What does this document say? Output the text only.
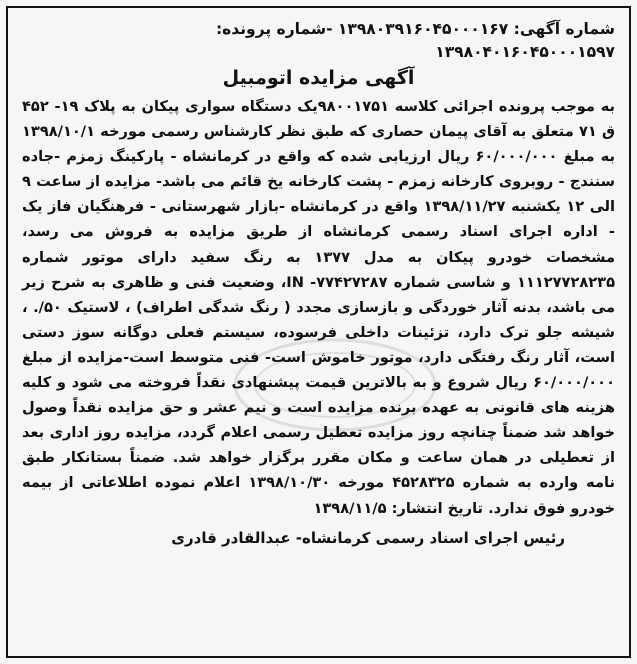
شماره آگهی: ۱۳۹۸۰۳۹۱۶۰۴۵۰۰۰۱۶۷ -شماره پرونده:
۱۳۹۸۰۴۰۱۶۰۴۵۰۰۰۱۵۹۷
آگهی مزایده اتومبیل

به موجب پرونده اجرائی کلاسه ۹۸۰۰۱۷۵۱یک دستگاه سواری پیکان به پلاک ۱۹- ۴۵۲ ق ۷۱ متعلق به آقای پیمان حصاری که طبق نظر کارشناس رسمی مورخه ۱۳۹۸/۱۰/۱ به مبلغ ۶۰/۰۰۰/۰۰۰ ریال ارزیابی شده که واقع در کرمانشاه - پارکینگ زمزم -جاده سنندج - روبروی کارخانه زمزم - پشت کارخانه یخ قائم می باشد- مزایده از ساعت ۹ الی ۱۲ یکشنبه ۱۳۹۸/۱۱/۲۷ واقع در کرمانشاه -بازار شهرستانی - فرهنگیان فاز یک - اداره اجرای اسناد رسمی کرمانشاه از طریق مزایده به فروش می رسد، مشخصات خودرو پیکان به مدل ۱۳۷۷ به رنگ سفید دارای موتور شماره ۱۱۱۲۷۷۲۸۲۳۵ و شاسی شماره ۷۷۴۲۷۲۸۷- IN، وضعیت فنی و ظاهری به شرح زیر می باشد، بدنه آثار خوردگی و بازسازی مجدد ( رنگ شدگی اطراف) ، لاستیک ۵۰/. ، شیشه جلو ترک دارد، تزئینات داخلی فرسوده، سیستم فعلی دوگانه سوز دستی است، آثار رنگ رفتگی دارد، موتور خاموش است- فنی متوسط است-مزایده از مبلغ ۶۰/۰۰۰/۰۰۰ ریال شروع و به بالاترین قیمت پیشنهادی نقداً فروخته می شود و کلیه هزینه های قانونی به عهده برنده مزایده است و نیم عشر و حق مزایده نقداً وصول خواهد شد ضمناً چنانچه روز مزایده تعطیل رسمی اعلام گردد، مزایده روز اداری بعد از تعطیلی در همان ساعت و مکان مقرر برگزار خواهد شد. ضمناً بستانکار طبق نامه وارده به شماره ۴۵۲۸۳۲۵ مورخه ۱۳۹۸/۱۰/۳۰ اعلام نموده اطلاعاتی از بیمه خودرو فوق ندارد. تاریخ انتشار: ۱۳۹۸/۱۱/۵

رئیس اجرای اسناد رسمی کرمانشاه- عبدالقادر قادری
